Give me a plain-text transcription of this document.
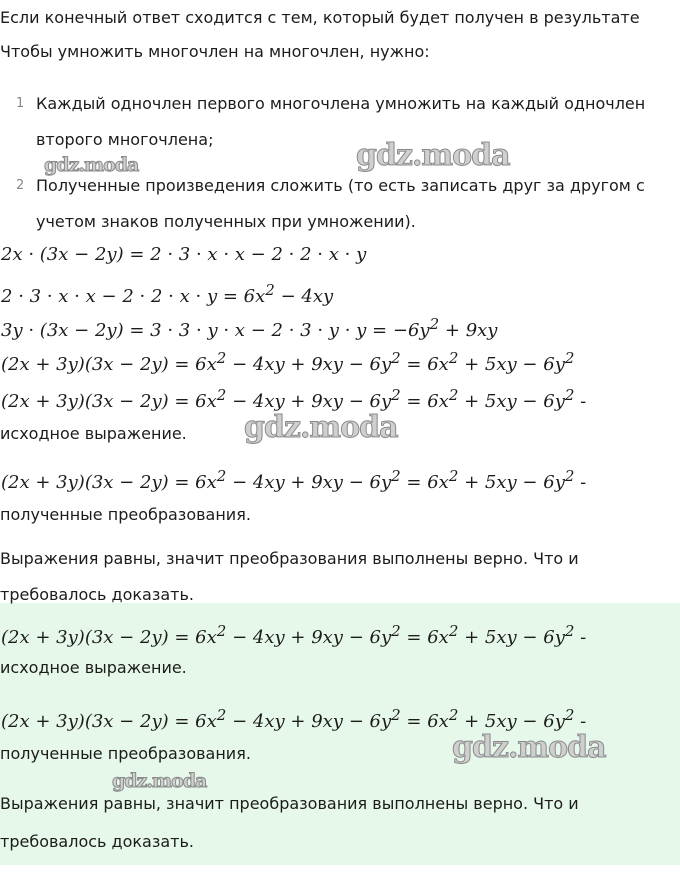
Если конечный ответ сходится с тем, который будет получен в результате
Чтобы умножить многочлен на многочлен, нужно:
1 Каждый одночлен первого многочлена умножить на каждый одночлен
второго многочлена;
2 Полученные произведения сложить (то есть записать друг за другом с
учетом знаков полученных при умножении).
2x · (3x − 2y) = 2 · 3 · x · x − 2 · 2 · x · y
$2 \cdot 3 \cdot x \cdot x - 2 \cdot 2 \cdot x \cdot y = 6x^2 - 4xy$
$3y \cdot (3x - 2y) = 3 \cdot 3 \cdot y \cdot x - 2 \cdot 3 \cdot y \cdot y = -6y^2 + 9xy$
$(2x + 3y)(3x - 2y) = 6x^2 - 4xy + 9xy - 6y^2 = 6x^2 + 5xy - 6y^2$
$(2x + 3y)(3x - 2y) = 6x^2 - 4xy + 9xy - 6y^2 = 6x^2 + 5xy - 6y^2$ -
исходное выражение.
$(2x + 3y)(3x - 2y) = 6x^2 - 4xy + 9xy - 6y^2 = 6x^2 + 5xy - 6y^2$ -
полученные преобразования.
Выражения равны, значит преобразования выполнены верно. Что и
требовалось доказать.
$(2x + 3y)(3x - 2y) = 6x^2 - 4xy + 9xy - 6y^2 = 6x^2 + 5xy - 6y^2$ -
исходное выражение.
$(2x + 3y)(3x - 2y) = 6x^2 - 4xy + 9xy - 6y^2 = 6x^2 + 5xy - 6y^2$ -
полученные преобразования.
Выражения равны, значит преобразования выполнены верно. Что и
требовалось доказать.
gdz.moda	gdz.moda
gdz.moda
gdz.moda
gdz.moda
